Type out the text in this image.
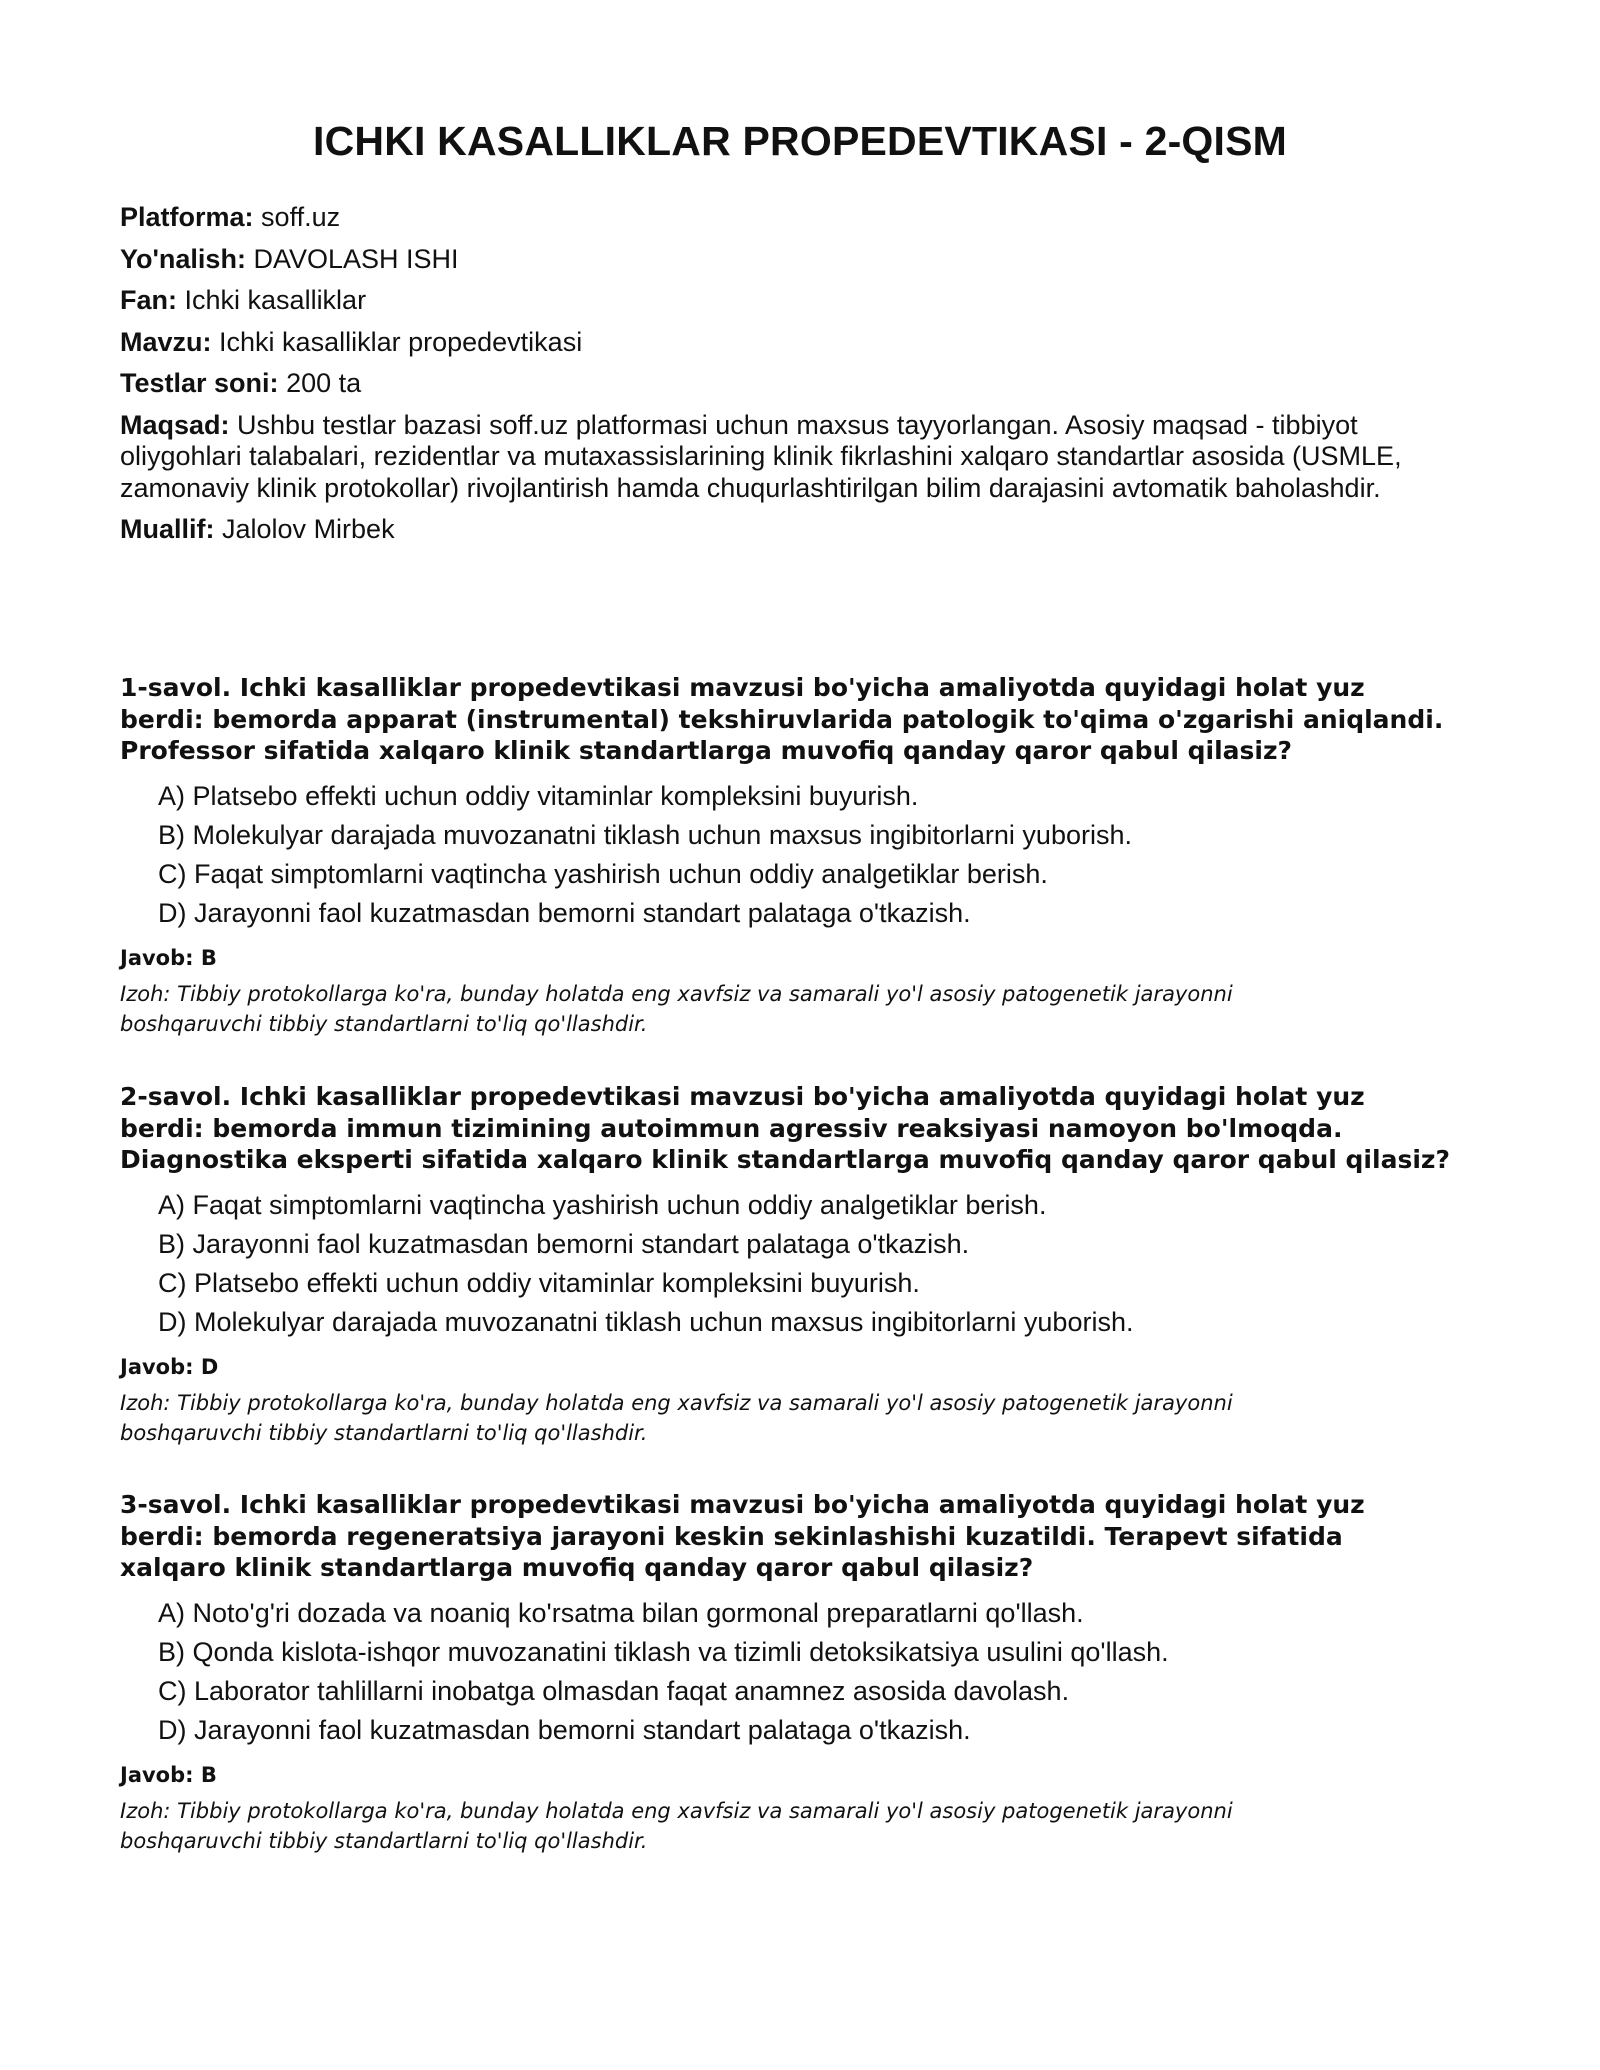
ICHKI KASALLIKLAR PROPEDEVTIKASI - 2-QISM

Platforma: soff.uz

Yo'nalish: DAVOLASH ISHI

Fan: Ichki kasalliklar

Mavzu: Ichki kasalliklar propedevtikasi

Testlar soni: 200 ta

Maqsad: Ushbu testlar bazasi soff.uz platformasi uchun maxsus tayyorlangan. Asosiy maqsad - tibbiyot oliygohlari talabalari, rezidentlar va mutaxassislarining klinik fikrlashini xalqaro standartlar asosida (USMLE, zamonaviy klinik protokollar) rivojlantirish hamda chuqurlashtirilgan bilim darajasini avtomatik baholashdir.

Muallif: Jalolov Mirbek

1-savol. Ichki kasalliklar propedevtikasi mavzusi bo'yicha amaliyotda quyidagi holat yuz berdi: bemorda apparat (instrumental) tekshiruvlarida patologik to'qima o'zgarishi aniqlandi. Professor sifatida xalqaro klinik standartlarga muvofiq qanday qaror qabul qilasiz?

A) Platsebo effekti uchun oddiy vitaminlar kompleksini buyurish.
B) Molekulyar darajada muvozanatni tiklash uchun maxsus ingibitorlarni yuborish.
C) Faqat simptomlarni vaqtincha yashirish uchun oddiy analgetiklar berish.
D) Jarayonni faol kuzatmasdan bemorni standart palataga o'tkazish.

Javob: B

Izoh: Tibbiy protokollarga ko'ra, bunday holatda eng xavfsiz va samarali yo'l asosiy patogenetik jarayonni boshqaruvchi tibbiy standartlarni to'liq qo'llashdir.

2-savol. Ichki kasalliklar propedevtikasi mavzusi bo'yicha amaliyotda quyidagi holat yuz berdi: bemorda immun tizimining autoimmun agressiv reaksiyasi namoyon bo'lmoqda. Diagnostika eksperti sifatida xalqaro klinik standartlarga muvofiq qanday qaror qabul qilasiz?

A) Faqat simptomlarni vaqtincha yashirish uchun oddiy analgetiklar berish.
B) Jarayonni faol kuzatmasdan bemorni standart palataga o'tkazish.
C) Platsebo effekti uchun oddiy vitaminlar kompleksini buyurish.
D) Molekulyar darajada muvozanatni tiklash uchun maxsus ingibitorlarni yuborish.

Javob: D

Izoh: Tibbiy protokollarga ko'ra, bunday holatda eng xavfsiz va samarali yo'l asosiy patogenetik jarayonni boshqaruvchi tibbiy standartlarni to'liq qo'llashdir.

3-savol. Ichki kasalliklar propedevtikasi mavzusi bo'yicha amaliyotda quyidagi holat yuz berdi: bemorda regeneratsiya jarayoni keskin sekinlashishi kuzatildi. Terapevt sifatida xalqaro klinik standartlarga muvofiq qanday qaror qabul qilasiz?

A) Noto'g'ri dozada va noaniq ko'rsatma bilan gormonal preparatlarni qo'llash.
B) Qonda kislota-ishqor muvozanatini tiklash va tizimli detoksikatsiya usulini qo'llash.
C) Laborator tahlillarni inobatga olmasdan faqat anamnez asosida davolash.
D) Jarayonni faol kuzatmasdan bemorni standart palataga o'tkazish.

Javob: B

Izoh: Tibbiy protokollarga ko'ra, bunday holatda eng xavfsiz va samarali yo'l asosiy patogenetik jarayonni boshqaruvchi tibbiy standartlarni to'liq qo'llashdir.
